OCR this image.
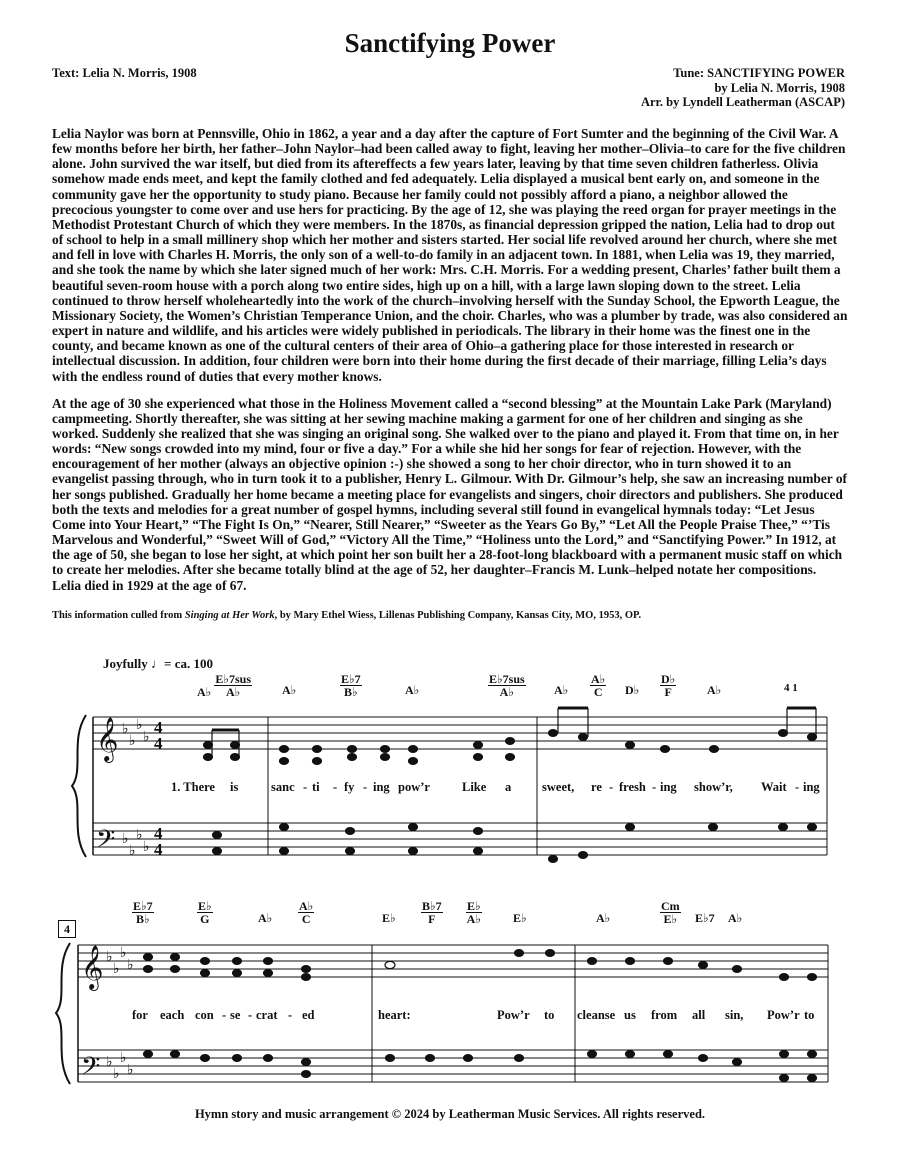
Sanctifying Power
Text: Lelia N. Morris, 1908	Tune: SANCTIFYING POWER
by Lelia N. Morris, 1908
Arr. by Lyndell Leatherman (ASCAP)

Lelia Naylor was born at Pennsville, Ohio in 1862, a year and a day after the capture of Fort Sumter and the beginning of the Civil War. A few months before her birth, her father–John Naylor–had been called away to fight, leaving her mother–Olivia–to care for the five children alone. John survived the war itself, but died from its aftereffects a few years later, leaving by that time seven children fatherless. Olivia somehow made ends meet, and kept the family clothed and fed adequately. Lelia displayed a musical bent early on, and someone in the community gave her the opportunity to study piano. Because her family could not possibly afford a piano, a neighbor allowed the precocious youngster to come over and use hers for practicing. By the age of 12, she was playing the reed organ for prayer meetings in the Methodist Protestant Church of which they were members. In the 1870s, as financial depression gripped the nation, Lelia had to drop out of school to help in a small millinery shop which her mother and sisters started. Her social life revolved around her church, where she met and fell in love with Charles H. Morris, the only son of a well-to-do family in an adjacent town. In 1881, when Lelia was 19, they married, and she took the name by which she later signed much of her work: Mrs. C.H. Morris. For a wedding present, Charles’ father built them a beautiful seven-room house with a porch along two entire sides, high up on a hill, with a large lawn sloping down to the street. Lelia continued to throw herself wholeheartedly into the work of the church–involving herself with the Sunday School, the Epworth League, the Missionary Society, the Women’s Christian Temperance Union, and the choir. Charles, who was a plumber by trade, was also considered an expert in nature and wildlife, and his articles were widely published in periodicals. The library in their home was the finest one in the county, and became known as one of the cultural centers of their area of Ohio–a gathering place for those interested in research or intellectual discussion. In addition, four children were born into their home during the first decade of their marriage, filling Lelia’s days with the endless round of duties that every mother knows.

At the age of 30 she experienced what those in the Holiness Movement called a “second blessing” at the Mountain Lake Park (Maryland) campmeeting. Shortly thereafter, she was sitting at her sewing machine making a garment for one of her children and singing as she worked. Suddenly she realized that she was singing an original song. She walked over to the piano and played it. From that time on, in her words: “New songs crowded into my mind, four or five a day.” For a while she hid her songs for fear of rejection. However, with the encouragement of her mother (always an objective opinion :-) she showed a song to her choir director, who in turn showed it to an evangelist passing through, who in turn took it to a publisher, Henry L. Gilmour. With Dr. Gilmour’s help, she saw an increasing number of her songs published. Gradually her home became a meeting place for evangelists and singers, choir directors and publishers. She produced both the texts and melodies for a great number of gospel hymns, including several still found in evangelical hymnals today: “Let Jesus Come into Your Heart,” “The Fight Is On,” “Nearer, Still Nearer,” “Sweeter as the Years Go By,” “Let All the People Praise Thee,” “’Tis Marvelous and Wonderful,” “Sweet Will of God,” “Victory All the Time,” “Holiness unto the Lord,” and “Sanctifying Power.” In 1912, at the age of 50, she began to lose her sight, at which point her son built her a 28-foot-long blackboard with a permanent music staff on which to create her melodies. After she became totally blind at the age of 52, her daughter–Francis M. Lunk–helped notate her compositions. Lelia died in 1929 at the age of 67.

This information culled from Singing at Her Work, by Mary Ethel Wiess, Lillenas Publishing Company, Kansas City, MO, 1953, OP.
Joyfully ♩= ca. 100
𝄞
𝄢
𝄞
𝄢
♭
♭
♭
♭
♭
♭
♭
♭
♭
♭
♭
♭
♭
♭
♭
♭
4
4
4
4
4 1
A♭
E♭7sus
A♭	A♭	$\frac{E♭7}{B♭}$	A♭
E♭7sus
A♭	A♭ $\frac{A♭}{C}$ D♭ $\frac{D♭}{F}$	A♭
1. There is	sanc - ti - fy - ing pow’r	Like a sweet, re - fresh - ing show’r, Wait - ing
4
$\frac{E♭7}{B♭}$	$\frac{E♭}{G}$	A♭ $\frac{A♭}{C}$	E♭ $\frac{B♭7}{F} \frac{E♭}{A♭}$	E♭	A♭	$\frac{Cm}{E♭}$ E♭7 A♭
for each con - se - crat - ed	heart:	Pow’r to cleanse us from all sin, Pow’r to
Hymn story and music arrangement © 2024 by Leatherman Music Services. All rights reserved.
